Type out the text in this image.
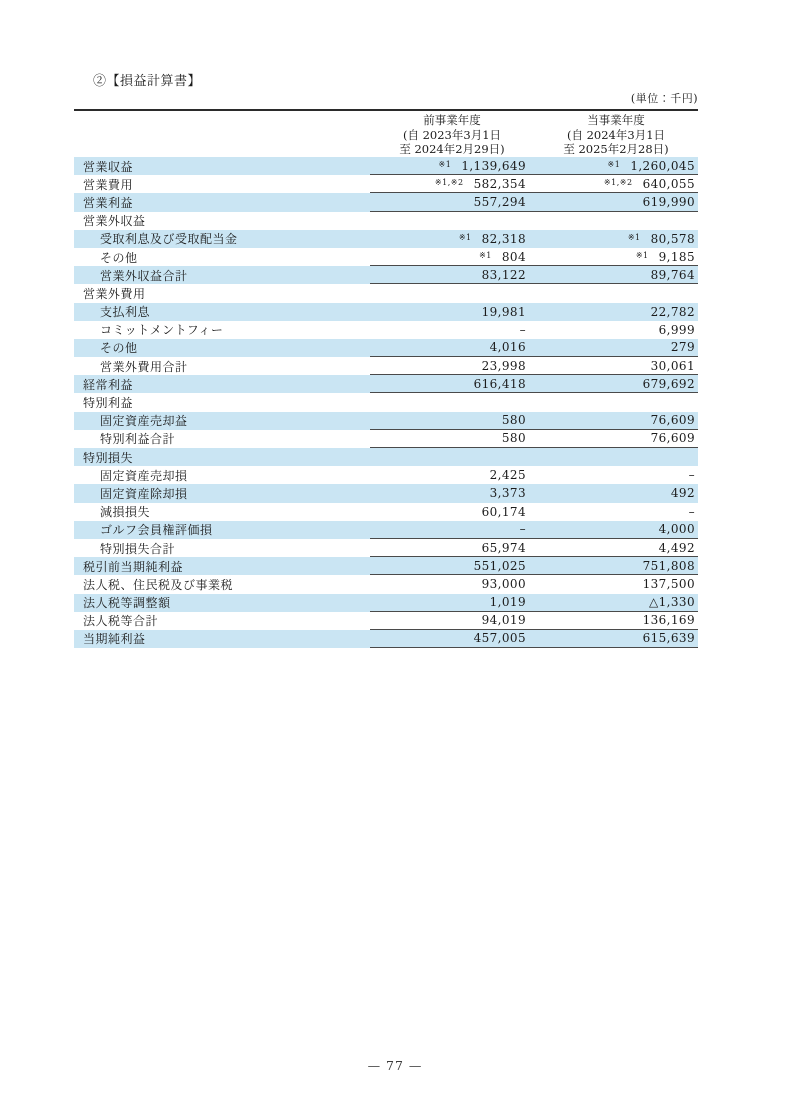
②【損益計算書】
(単位：千円)
前事業年度
(自 2023年3月1日
至 2024年2月29日)
当事業年度
(自 2024年3月1日
至 2025年2月28日)
営業収益	※1 1,139,649	※1 1,260,045
営業費用	※1,※2 582,354	※1,※2 640,055
営業利益	557,294	619,990
営業外収益
受取利息及び受取配当金	※1 82,318	※1 80,578
その他	※1 804	※1 9,185
営業外収益合計	83,122	89,764
営業外費用
支払利息	19,981	22,782
コミットメントフィー	–	6,999
その他	4,016	279
営業外費用合計	23,998	30,061
経常利益	616,418	679,692
特別利益
固定資産売却益	580	76,609
特別利益合計	580	76,609
特別損失
固定資産売却損	2,425	–
固定資産除却損	3,373	492
減損損失	60,174	–
ゴルフ会員権評価損	–	4,000
特別損失合計	65,974	4,492
税引前当期純利益	551,025	751,808
法人税、住民税及び事業税	93,000	137,500
法人税等調整額	1,019	△1,330
法人税等合計	94,019	136,169
当期純利益	457,005	615,639
— 77 —
